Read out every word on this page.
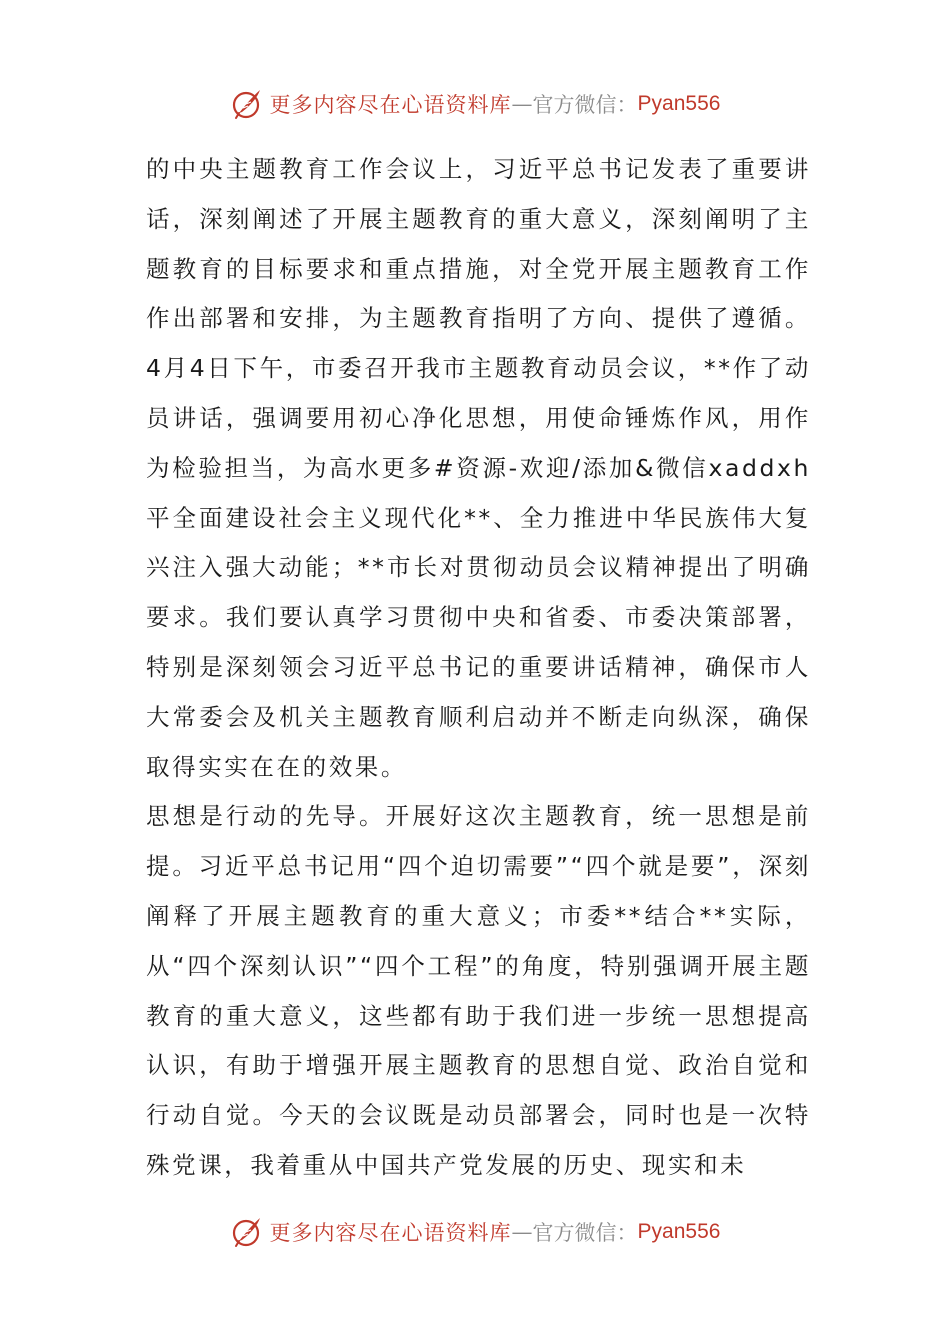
更多内容尽在心语资料库 — 官方微信： Pyan556

的中央主题教育工作会议上，习近平总书记发表了重要讲话，深刻阐述了开展主题教育的重大意义，深刻阐明了主题教育的目标要求和重点措施，对全党开展主题教育工作作出部署和安排，为主题教育指明了方向、提供了遵循。4月4日下午，市委召开我市主题教育动员会议，**作了动员讲话，强调要用初心净化思想，用使命锤炼作风，用作为检验担当，为高水更多#资源-欢迎/添加&微信xaddxh平全面建设社会主义现代化**、全力推进中华民族伟大复兴注入强大动能；**市长对贯彻动员会议精神提出了明确要求。我们要认真学习贯彻中央和省委、市委决策部署，特别是深刻领会习近平总书记的重要讲话精神，确保市人大常委会及机关主题教育顺利启动并不断走向纵深，确保取得实实在在的效果。

思想是行动的先导。开展好这次主题教育，统一思想是前提。习近平总书记用“四个迫切需要”“四个就是要”，深刻阐释了开展主题教育的重大意义；市委**结合**实际，从“四个深刻认识”“四个工程”的角度，特别强调开展主题教育的重大意义，这些都有助于我们进一步统一思想提高认识，有助于增强开展主题教育的思想自觉、政治自觉和行动自觉。今天的会议既是动员部署会，同时也是一次特殊党课，我着重从中国共产党发展的历史、现实和未

更多内容尽在心语资料库 — 官方微信： Pyan556
